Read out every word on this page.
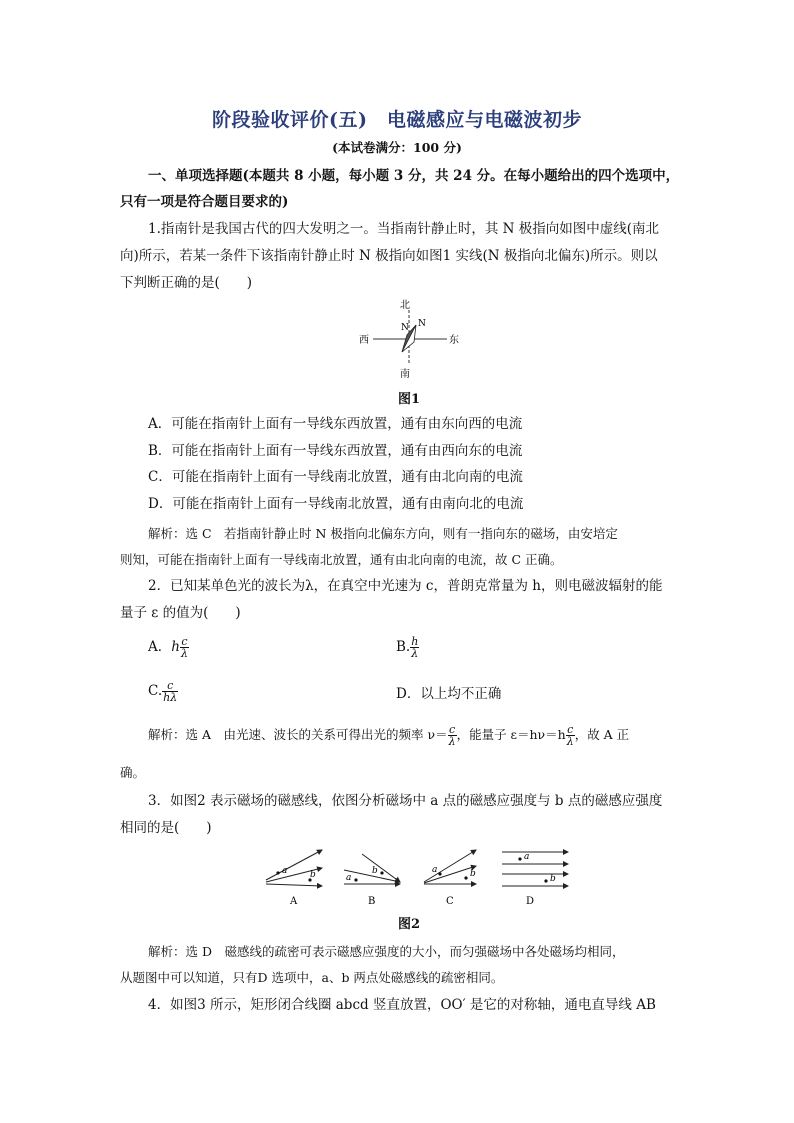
阶段验收评价(五)　电磁感应与电磁波初步
(本试卷满分：100 分)
一、单项选择题(本题共 8 小题，每小题 3 分，共 24 分。在每小题给出的四个选项中，
只有一项是符合题目要求的)
1.指南针是我国古代的四大发明之一。当指南针静止时，其 N 极指向如图中虚线(南北
向)所示，若某一条件下该指南针静止时 N 极指向如图1 实线(N 极指向北偏东)所示。则以
下判断正确的是(　　)
北
南
西	东
N N
图1
A．可能在指南针上面有一导线东西放置，通有由东向西的电流
B．可能在指南针上面有一导线东西放置，通有由西向东的电流
C．可能在指南针上面有一导线南北放置，通有由北向南的电流
D．可能在指南针上面有一导线南北放置，通有由南向北的电流
解析：选 C　若指南针静止时 N 极指向北偏东方向，则有一指向东的磁场，由安培定
则知，可能在指南针上面有一导线南北放置，通有由北向南的电流，故 C 正确。
2．已知某单色光的波长为λ，在真空中光速为 c，普朗克常量为 h，则电磁波辐射的能
量子 ε 的值为(　　)
A．h $\frac{c}{\lambda}$	B. $\frac{h}{\lambda}$
C. $\frac{c}{h\lambda}$	D．以上均不正确
解析：选 A　由光速、波长的关系可得出光的频率 $\nu= \frac{c}{\lambda}$ ，能量子 $\varepsilon=h\nu=h \frac{c}{\lambda}$ ，故 A 正
确。
3．如图2 表示磁场的磁感线，依图分析磁场中 a 点的磁感应强度与 b 点的磁感应强度
相同的是(　　)
a	b
A
a
b
B
a	b
C
a
b
D
图2
解析：选 D　磁感线的疏密可表示磁感应强度的大小，而匀强磁场中各处磁场均相同，
从题图中可以知道，只有D 选项中，a、b 两点处磁感线的疏密相同。
4．如图3 所示，矩形闭合线圈 abcd 竖直放置，OO′ 是它的对称轴，通电直导线 AB
